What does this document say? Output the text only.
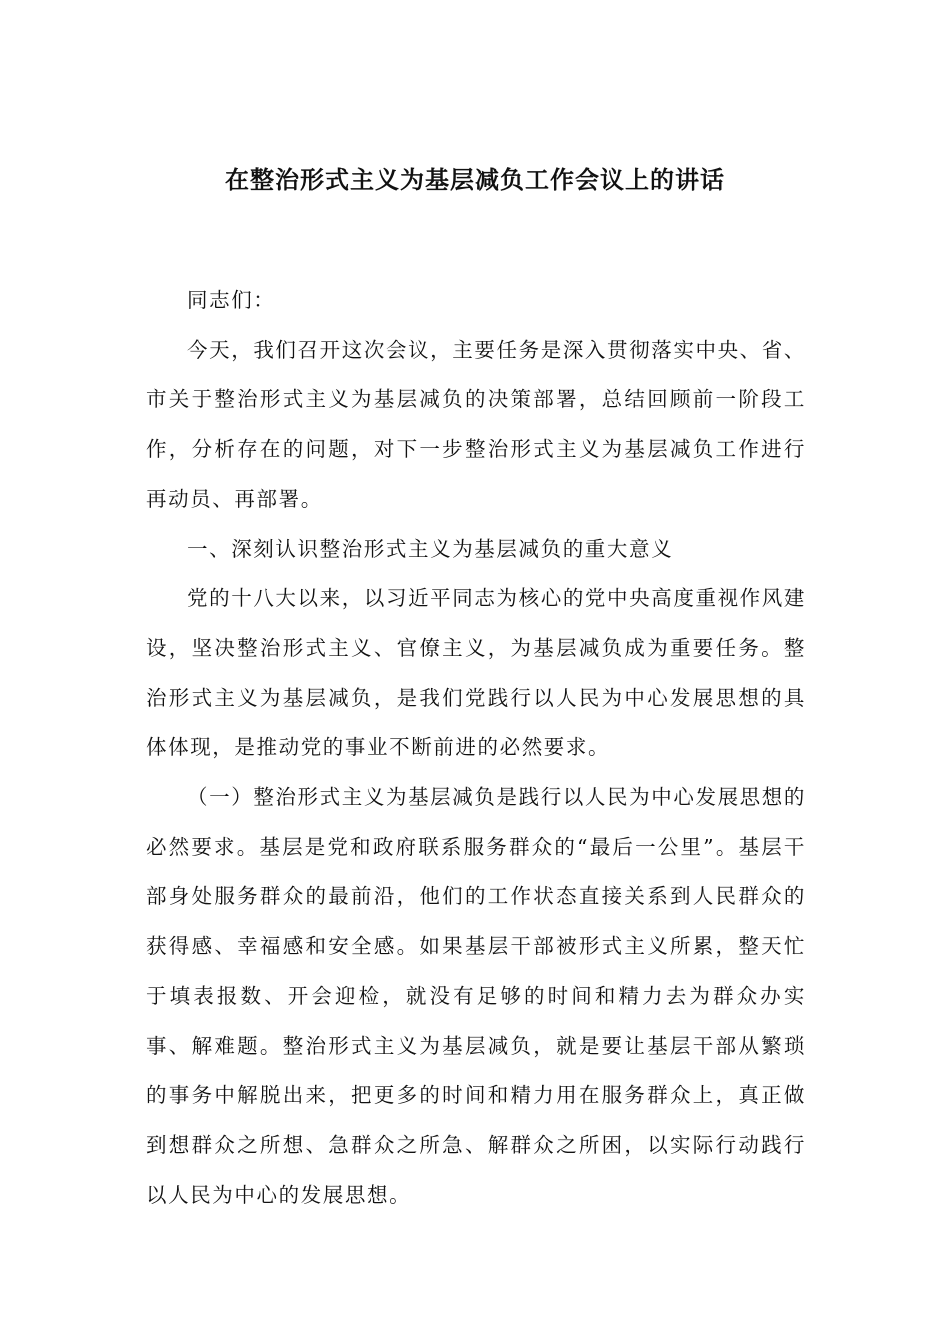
在整治形式主义为基层减负工作会议上的讲话

同志们：

今天，我们召开这次会议，主要任务是深入贯彻落实中央、省、市关于整治形式主义为基层减负的决策部署，总结回顾前一阶段工作，分析存在的问题，对下一步整治形式主义为基层减负工作进行再动员、再部署。

一、深刻认识整治形式主义为基层减负的重大意义

党的十八大以来，以习近平同志为核心的党中央高度重视作风建设，坚决整治形式主义、官僚主义，为基层减负成为重要任务。整治形式主义为基层减负，是我们党践行以人民为中心发展思想的具体体现，是推动党的事业不断前进的必然要求。

（一）整治形式主义为基层减负是践行以人民为中心发展思想的必然要求。基层是党和政府联系服务群众的“最后一公里”。基层干部身处服务群众的最前沿，他们的工作状态直接关系到人民群众的获得感、幸福感和安全感。如果基层干部被形式主义所累，整天忙于填表报数、开会迎检，就没有足够的时间和精力去为群众办实事、解难题。整治形式主义为基层减负，就是要让基层干部从繁琐的事务中解脱出来，把更多的时间和精力用在服务群众上，真正做到想群众之所想、急群众之所急、解群众之所困，以实际行动践行以人民为中心的发展思想。
